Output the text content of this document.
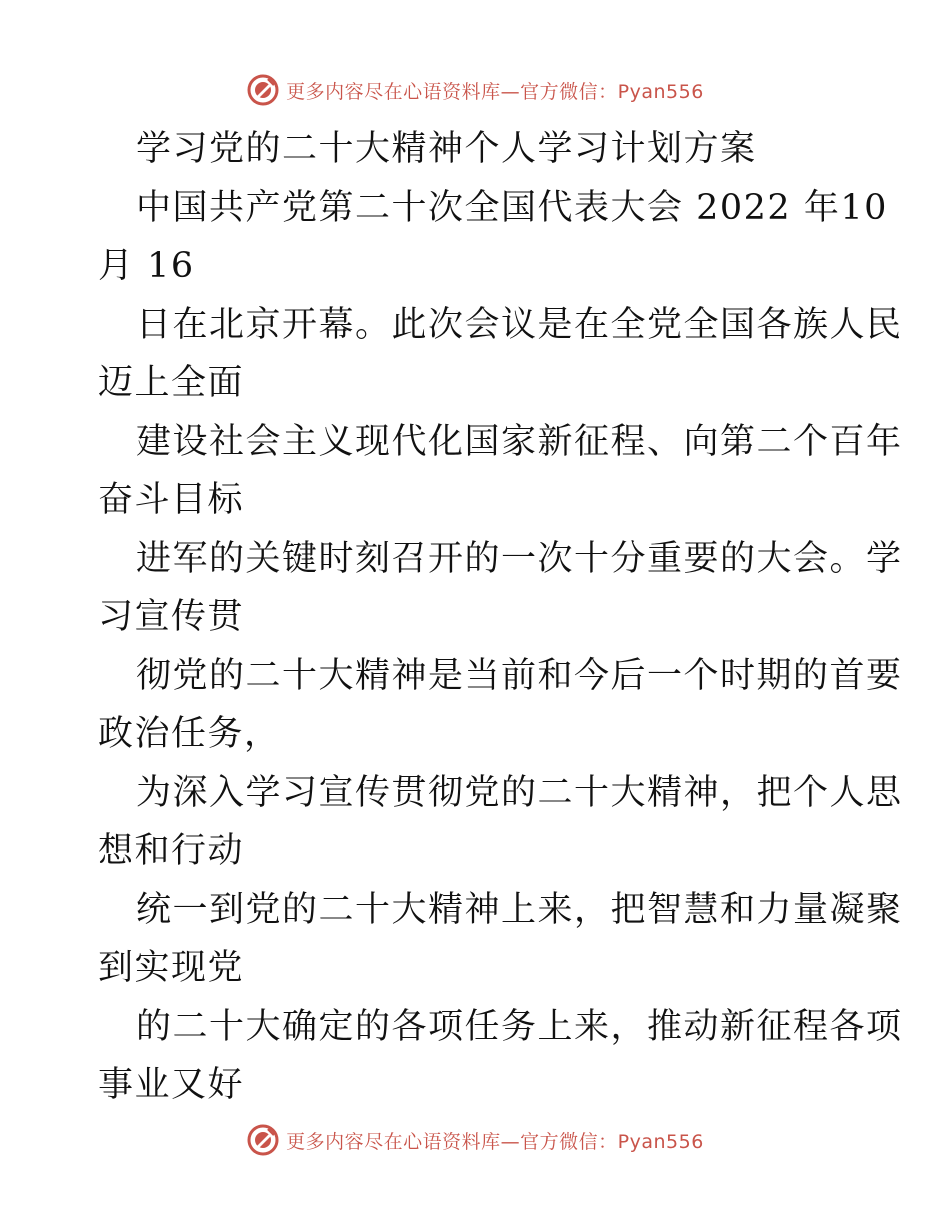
更多内容尽在心语资料库—官方微信：Pyan556
学习党的二十大精神个人学习计划方案
中国共产党第二十次全国代表大会 2022 年10
月 16
日在北京开幕。此次会议是在全党全国各族人民
迈上全面
建设社会主义现代化国家新征程、向第二个百年
奋斗目标
进军的关键时刻召开的一次十分重要的大会。学
习宣传贯
彻党的二十大精神是当前和今后一个时期的首要
政治任务，
为深入学习宣传贯彻党的二十大精神，把个人思
想和行动
统一到党的二十大精神上来，把智慧和力量凝聚
到实现党
的二十大确定的各项任务上来，推动新征程各项
事业又好
更多内容尽在心语资料库—官方微信：Pyan556
